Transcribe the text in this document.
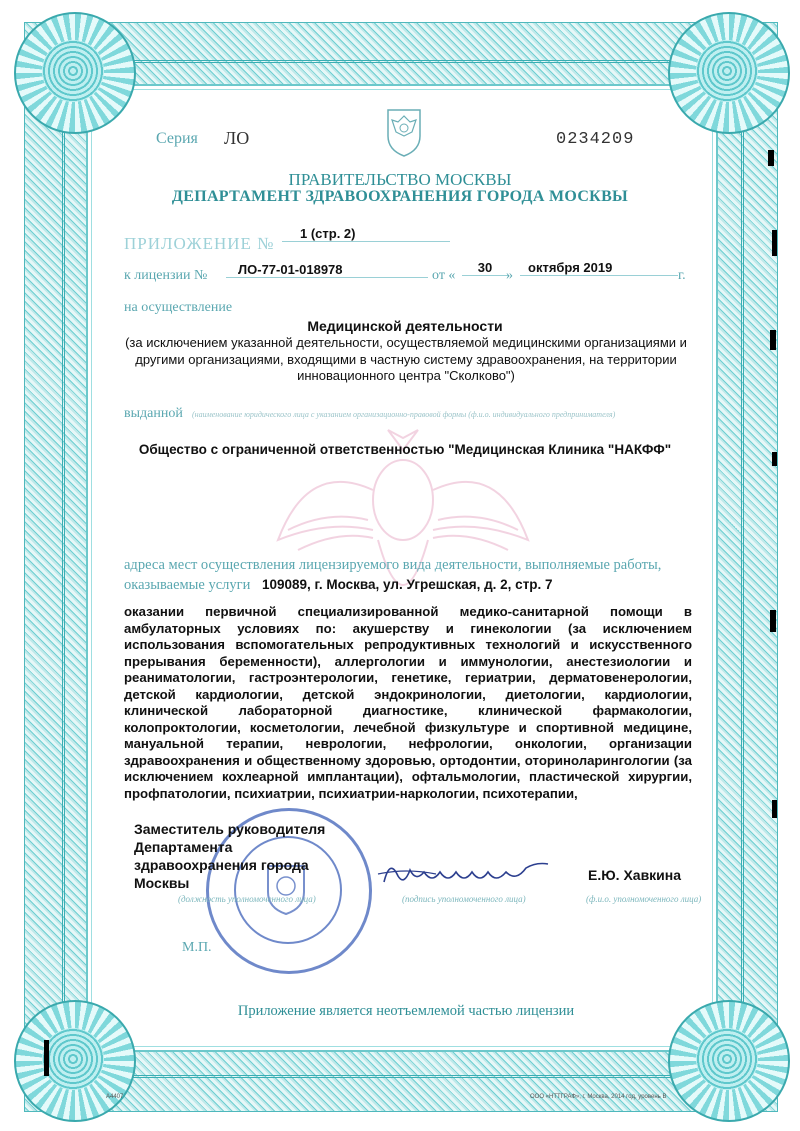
Серия ЛО	0234209
ПРАВИТЕЛЬСТВО МОСКВЫ
ДЕПАРТАМЕНТ ЗДРАВООХРАНЕНИЯ ГОРОДА МОСКВЫ
ПРИЛОЖЕНИЕ №
1 (стр. 2)
к лицензии №	ЛО-77-01-018978	от «
30
»
октября 2019
г.
на осуществление
Медицинской деятельности
(за исключением указанной деятельности, осуществляемой медицинскими организациями и другими организациями, входящими в частную систему здравоохранения, на территории инновационного центра "Сколково")
выданной (наименование юридического лица с указанием организационно-правовой формы (ф.и.о. индивидуального предпринимателя)
Общество с ограниченной ответственностью "Медицинская Клиника "НАКФФ"
адреса мест осуществления лицензируемого вида деятельности, выполняемые работы,
оказываемые услуги 109089, г. Москва, ул. Угрешская, д. 2, стр. 7
оказании первичной специализированной медико-санитарной помощи в амбулаторных условиях по: акушерству и гинекологии (за исключением использования вспомогательных репродуктивных технологий и искусственного прерывания беременности), аллергологии и иммунологии, анестезиологии и реаниматологии, гастроэнтерологии, генетике, гериатрии, дерматовенерологии, детской кардиологии, детской эндокринологии, диетологии, кардиологии, клинической лабораторной диагностике, клинической фармакологии, колопроктологии, косметологии, лечебной физкультуре и спортивной медицине, мануальной терапии, неврологии, нефрологии, онкологии, организации здравоохранения и общественному здоровью, ортодонтии, оториноларингологии (за исключением кохлеарной имплантации), офтальмологии, пластической хирургии, профпатологии, психиатрии, психиатрии-наркологии, психотерапии,
Заместитель руководителя Департамента здравоохранения города Москвы	Е.Ю. Хавкина
(должность уполномоченного лица)	(подпись уполномоченного лица)	(ф.и.о. уполномоченного лица)
М.П.
Приложение является неотъемлемой частью лицензии
А4407	ООО «НТТГРАФ», г. Москва, 2014 год, уровень В
